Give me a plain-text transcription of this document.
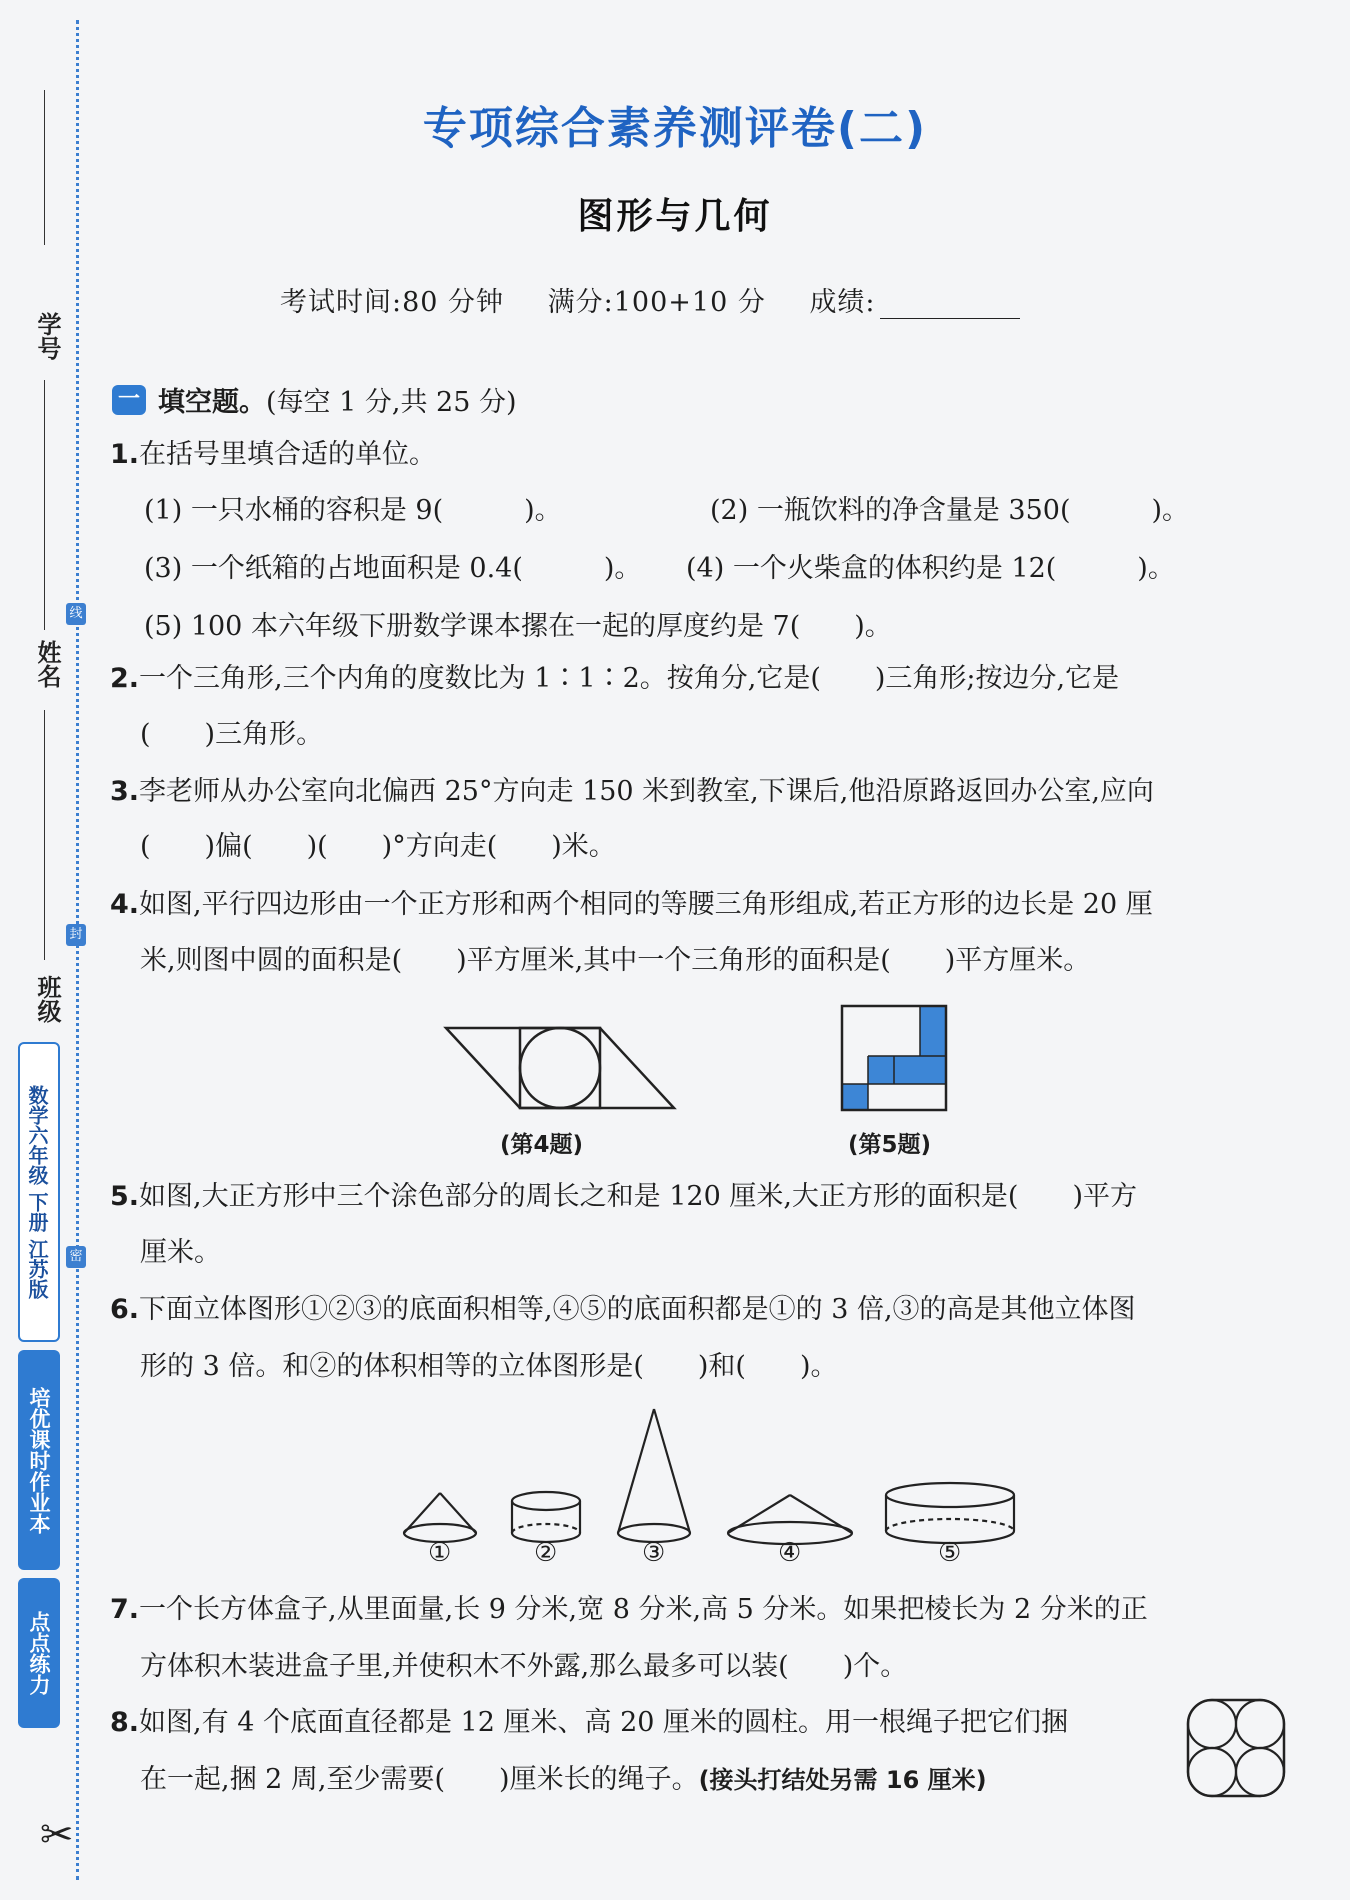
学号
姓名
班级
线
封
密
数学六年级 下册 江苏版
培优课时作业本
点点练力
✂
专项综合素养测评卷(二)
图形与几何
考试时间:80 分钟 满分:100+10 分 成绩:
一 填空题。 (每空 1 分,共 25 分)
1.在括号里填合适的单位。
(1) 一只水桶的容积是 9(　　　)。	(2) 一瓶饮料的净含量是 350(　　　)。
(3) 一个纸箱的占地面积是 0.4(　　　)。 (4) 一个火柴盒的体积约是 12(　　　)。
(5) 100 本六年级下册数学课本摞在一起的厚度约是 7(　　)。
2.一个三角形,三个内角的度数比为 1∶1∶2。按角分,它是(　　)三角形;按边分,它是
(　　)三角形。
3.李老师从办公室向北偏西 25°方向走 150 米到教室,下课后,他沿原路返回办公室,应向
(　　)偏(　　)(　　)°方向走(　　)米。
4.如图,平行四边形由一个正方形和两个相同的等腰三角形组成,若正方形的边长是 20 厘
米,则图中圆的面积是(　　)平方厘米,其中一个三角形的面积是(　　)平方厘米。
(第4题)	(第5题)
5.如图,大正方形中三个涂色部分的周长之和是 120 厘米,大正方形的面积是(　　)平方
厘米。
6.下面立体图形①②③的底面积相等,④⑤的底面积都是①的 3 倍,③的高是其他立体图
形的 3 倍。和②的体积相等的立体图形是(　　)和(　　)。
①	②	③	④	⑤
7.一个长方体盒子,从里面量,长 9 分米,宽 8 分米,高 5 分米。如果把棱长为 2 分米的正
方体积木装进盒子里,并使积木不外露,那么最多可以装(　　)个。
8.如图,有 4 个底面直径都是 12 厘米、高 20 厘米的圆柱。用一根绳子把它们捆
在一起,捆 2 周,至少需要(　　)厘米长的绳子。(接头打结处另需 16 厘米)
